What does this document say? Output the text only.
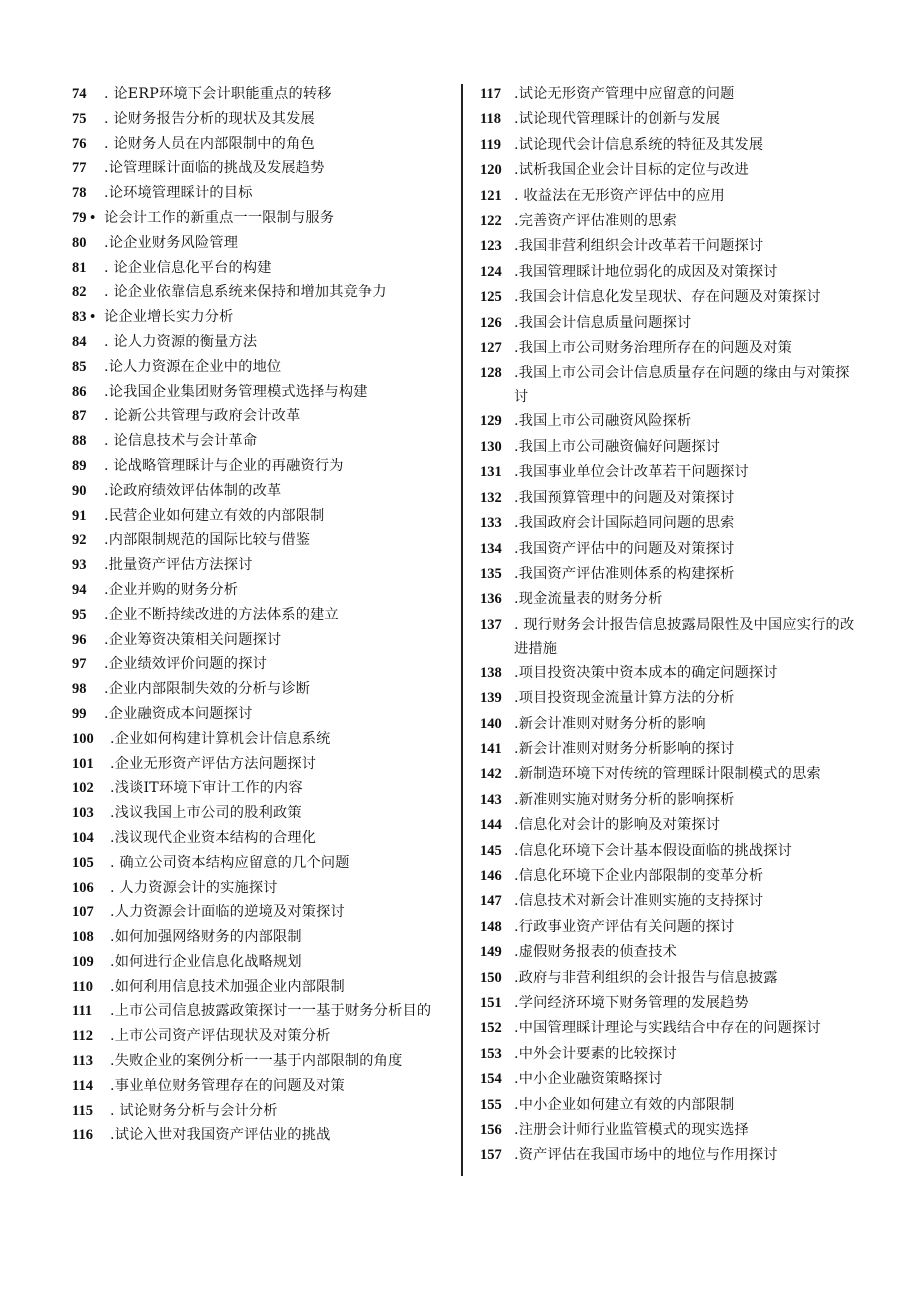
74	. 论ERP环境下会计职能重点的转移
75	. 论财务报告分析的现状及其发展
76	. 论财务人员在内部限制中的角色
77	.论管理睬计面临的挑战及发展趋势
78	.论环境管理睬计的目标
79 • 论会计工作的新重点一一限制与服务
80	.论企业财务风险管理
81	. 论企业信息化平台的构建
82	. 论企业依靠信息系统来保持和增加其竞争力
83 • 论企业增长实力分析
84	. 论人力资源的衡量方法
85	.论人力资源在企业中的地位
86	.论我国企业集团财务管理模式选择与构建
87	. 论新公共管理与政府会计改革
88	. 论信息技术与会计革命
89	. 论战略管理睬计与企业的再融资行为
90	.论政府绩效评估体制的改革
91	.民营企业如何建立有效的内部限制
92	.内部限制规范的国际比较与借鉴
93	.批量资产评估方法探讨
94	.企业并购的财务分析
95	.企业不断持续改进的方法体系的建立
96	.企业筹资决策相关问题探讨
97	.企业绩效评价问题的探讨
98	.企业内部限制失效的分析与诊断
99	.企业融资成本问题探讨
100	.企业如何构建计算机会计信息系统
101	.企业无形资产评估方法问题探讨
102	.浅谈IT环境下审计工作的内容
103	.浅议我国上市公司的股利政策
104	.浅议现代企业资本结构的合理化
105	. 确立公司资本结构应留意的几个问题
106	. 人力资源会计的实施探讨
107	.人力资源会计面临的逆境及对策探讨
108	.如何加强网络财务的内部限制
109	.如何进行企业信息化战略规划
110	.如何利用信息技术加强企业内部限制
111	.上市公司信息披露政策探讨一一基于财务分析目的
112	.上市公司资产评估现状及对策分析
113	.失败企业的案例分析一一基于内部限制的角度
114	.事业单位财务管理存在的问题及对策
115	. 试论财务分析与会计分析
116	.试论入世对我国资产评估业的挑战
117 .试论无形资产管理中应留意的问题
118 .试论现代管理睬计的创新与发展
119 .试论现代会计信息系统的特征及其发展
120 .试析我国企业会计目标的定位与改进
121 . 收益法在无形资产评估中的应用
122 .完善资产评估准则的思索
123 .我国非营利组织会计改革若干问题探讨
124 .我国管理睬计地位弱化的成因及对策探讨
125 .我国会计信息化发呈现状、存在问题及对策探讨
126 .我国会计信息质量问题探讨
127 .我国上市公司财务治理所存在的问题及对策
128 .我国上市公司会计信息质量存在问题的缘由与对策探讨
129 .我国上市公司融资风险探析
130 .我国上市公司融资偏好问题探讨
131 .我国事业单位会计改革若干问题探讨
132 .我国预算管理中的问题及对策探讨
133 .我国政府会计国际趋同问题的思索
134 .我国资产评估中的问题及对策探讨
135 .我国资产评估准则体系的构建探析
136 .现金流量表的财务分析
137 . 现行财务会计报告信息披露局限性及中国应实行的改进措施
138 .项目投资决策中资本成本的确定问题探讨
139 .项目投资现金流量计算方法的分析
140 .新会计准则对财务分析的影响
141 .新会计准则对财务分析影响的探讨
142 .新制造环境下对传统的管理睬计限制模式的思索
143 .新准则实施对财务分析的影响探析
144 .信息化对会计的影响及对策探讨
145 .信息化环境下会计基本假设面临的挑战探讨
146 .信息化环境下企业内部限制的变革分析
147 .信息技术对新会计准则实施的支持探讨
148 .行政事业资产评估有关问题的探讨
149 .虚假财务报表的侦查技术
150 .政府与非营利组织的会计报告与信息披露
151 .学问经济环境下财务管理的发展趋势
152 .中国管理睬计理论与实践结合中存在的问题探讨
153 .中外会计要素的比较探讨
154 .中小企业融资策略探讨
155 .中小企业如何建立有效的内部限制
156 .注册会计师行业监管模式的现实选择
157 .资产评估在我国市场中的地位与作用探讨
